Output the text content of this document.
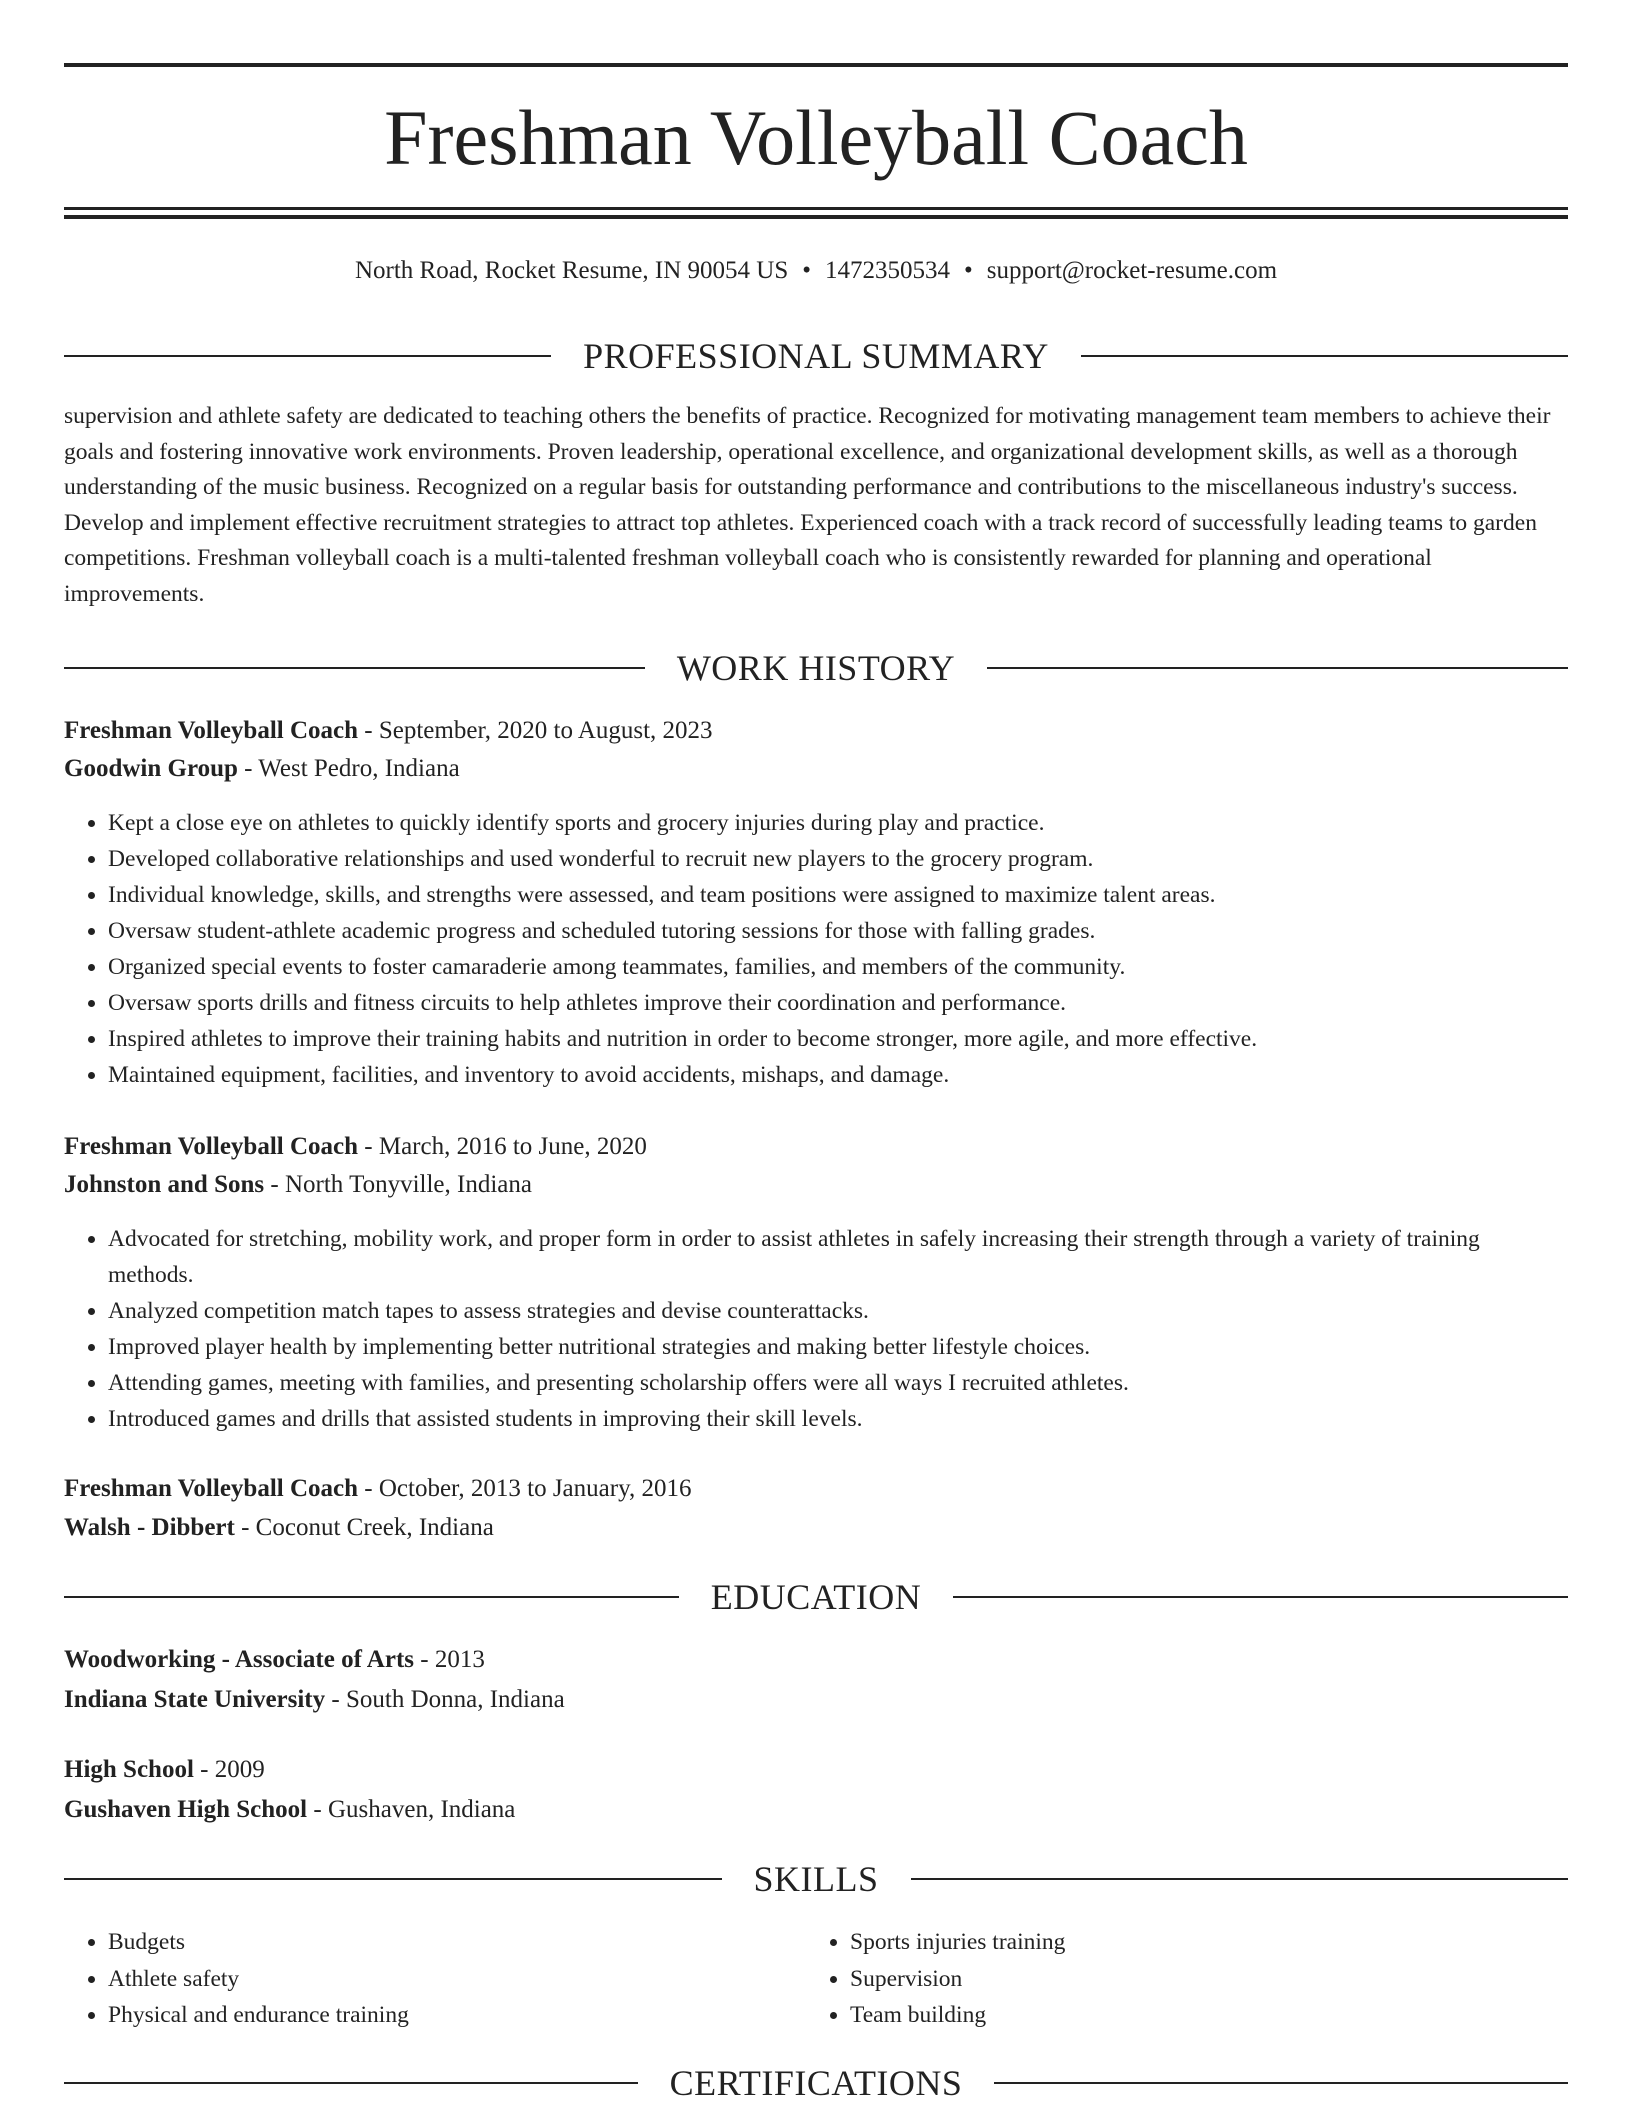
Freshman Volleyball Coach
North Road, Rocket Resume, IN 90054 US • 1472350534 • support@rocket-resume.com
PROFESSIONAL SUMMARY

supervision and athlete safety are dedicated to teaching others the benefits of practice. Recognized for motivating management team members to achieve their goals and fostering innovative work environments. Proven leadership, operational excellence, and organizational development skills, as well as a thorough understanding of the music business. Recognized on a regular basis for outstanding performance and contributions to the miscellaneous industry's success. Develop and implement effective recruitment strategies to attract top athletes. Experienced coach with a track record of successfully leading teams to garden competitions. Freshman volleyball coach is a multi-talented freshman volleyball coach who is consistently rewarded for planning and operational improvements.

WORK HISTORY
Freshman Volleyball Coach - September, 2020 to August, 2023
Goodwin Group - West Pedro, Indiana
• Kept a close eye on athletes to quickly identify sports and grocery injuries during play and practice.
• Developed collaborative relationships and used wonderful to recruit new players to the grocery program.
• Individual knowledge, skills, and strengths were assessed, and team positions were assigned to maximize talent areas.
• Oversaw student-athlete academic progress and scheduled tutoring sessions for those with falling grades.
• Organized special events to foster camaraderie among teammates, families, and members of the community.
• Oversaw sports drills and fitness circuits to help athletes improve their coordination and performance.
• Inspired athletes to improve their training habits and nutrition in order to become stronger, more agile, and more effective.
• Maintained equipment, facilities, and inventory to avoid accidents, mishaps, and damage.
Freshman Volleyball Coach - March, 2016 to June, 2020
Johnston and Sons - North Tonyville, Indiana
• Advocated for stretching, mobility work, and proper form in order to assist athletes in safely increasing their strength through a variety of training methods.
• Analyzed competition match tapes to assess strategies and devise counterattacks.
• Improved player health by implementing better nutritional strategies and making better lifestyle choices.
• Attending games, meeting with families, and presenting scholarship offers were all ways I recruited athletes.
• Introduced games and drills that assisted students in improving their skill levels.
Freshman Volleyball Coach - October, 2013 to January, 2016
Walsh - Dibbert - Coconut Creek, Indiana
EDUCATION
Woodworking - Associate of Arts - 2013
Indiana State University - South Donna, Indiana
High School - 2009
Gushaven High School - Gushaven, Indiana
SKILLS
• Budgets
• Athlete safety
• Physical and endurance training
• Sports injuries training
• Supervision
• Team building
CERTIFICATIONS
